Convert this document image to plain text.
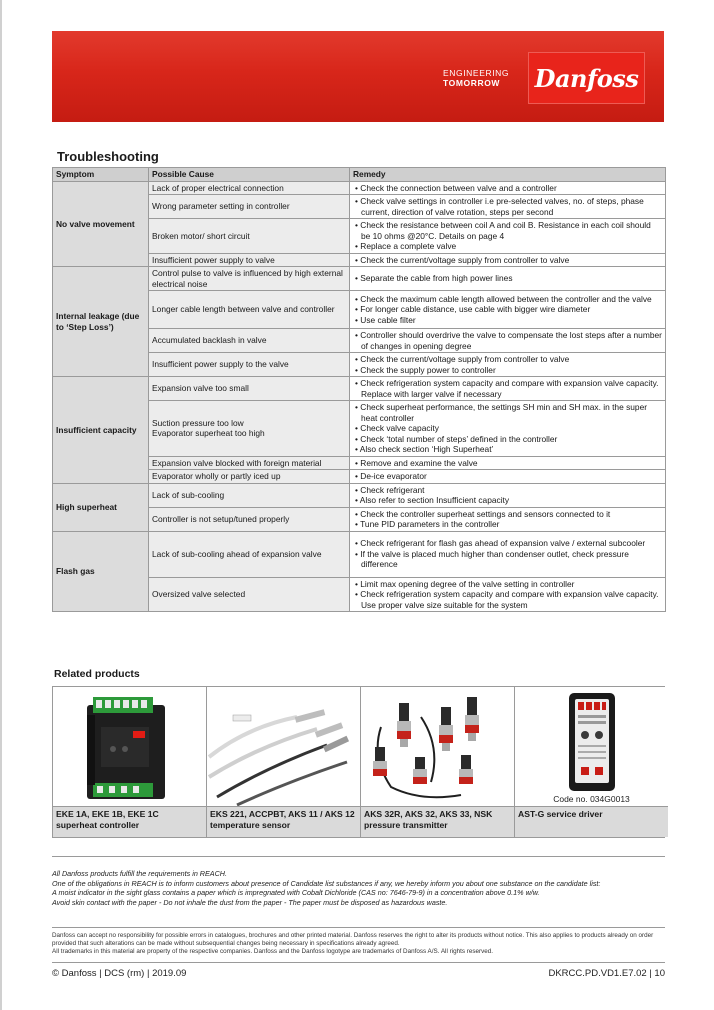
ENGINEERING
TOMORROW	Danfoss
Troubleshooting
Symptom	Possible Cause	Remedy
No valve movement	Lack of proper electrical connection	• Check the connection between valve and a controller

	Wrong parameter setting in controller	• Check valve settings in controller i.e pre-selected valves, no. of steps, phase current, direction of valve rotation, steps per second

	Broken motor/ short circuit	• Check the resistance between coil A and coil B. Resistance in each coil should be 10 ohms @20°C. Details on page 4
• Replace a complete valve

	Insufficient power supply to valve	• Check the current/voltage supply from controller to valve

Internal leakage (due to ‘Step Loss’)	Control pulse to valve is influenced by high external electrical noise	• Separate the cable from high power lines

	Longer cable length between valve and controller	• Check the maximum cable length allowed between the controller and the valve
• For longer cable distance, use cable with bigger wire diameter
• Use cable filter

	Accumulated backlash in valve	• Controller should overdrive the valve to compensate the lost steps after a number of changes in opening degree

	Insufficient power supply to the valve	• Check the current/voltage supply from controller to valve
• Check the supply power to controller

Insufficient capacity	Expansion valve too small	• Check refrigeration system capacity and compare with expansion valve capacity. Replace with larger valve if necessary

	Suction pressure too low
Evaporator superheat too high	• Check superheat performance, the settings SH min and SH max. in the super heat controller
• Check valve capacity
• Check ‘total number of steps’ defined in the controller
• Also check section ‘High Superheat’

	Expansion valve blocked with foreign material	• Remove and examine the valve

	Evaporator wholly or partly iced up	• De-ice evaporator

High superheat	Lack of sub-cooling	• Check refrigerant
• Also refer to section Insufficient capacity

	Controller is not setup/tuned properly	• Check the controller superheat settings and sensors connected to it
• Tune PID parameters in the controller

Flash gas	Lack of sub-cooling ahead of expansion valve	• Check refrigerant for flash gas ahead of expansion valve / external subcooler
• If the valve is placed much higher than condenser outlet, check pressure difference

	Oversized valve selected	• Limit max opening degree of the valve setting in controller
• Check refrigeration system capacity and compare with expansion valve capacity. Use proper valve size suitable for the system
Related products
EKE 1A, EKE 1B, EKE 1C
superheat controller
EKS 221, ACCPBT, AKS 11 / AKS 12
temperature sensor
AKS 32R, AKS 32, AKS 33, NSK
pressure transmitter
Code no. 034G0013
AST-G service driver
All Danfoss products fulfill the requirements in REACH.
One of the obligations in REACH is to inform customers about presence of Candidate list substances if any, we hereby inform you about one substance on the candidate list:
A moist indicator in the sight glass contains a paper which is impregnated with Cobalt Dichloride (CAS no: 7646-79-9) in a concentration above 0.1% w/w.
Avoid skin contact with the paper - Do not inhale the dust from the paper - The paper must be disposed as hazardous waste.
Danfoss can accept no responsibility for possible errors in catalogues, brochures and other printed material. Danfoss reserves the right to alter its products without notice. This also applies to products already on order provided that such alterations can be made without subsequential changes being necessary in specifications already agreed.
All trademarks in this material are property of the respective companies. Danfoss and the Danfoss logotype are trademarks of Danfoss A/S. All rights reserved.
© Danfoss | DCS (rm) | 2019.09	DKRCC.PD.VD1.E7.02 | 10
